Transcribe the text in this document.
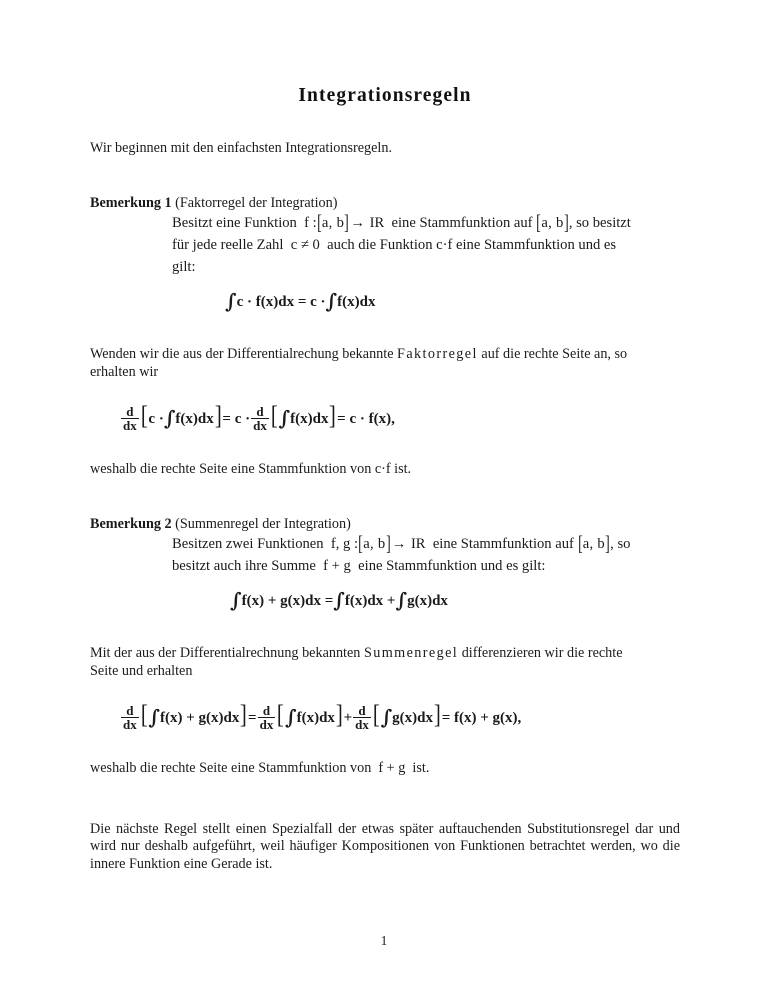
Integrationsregeln

Wir beginnen mit den einfachsten Integrationsregeln.

Bemerkung 1 (Faktorregel der Integration)

Besitzt eine Funktion f :[a, b]→ IR eine Stammfunktion auf [a, b], so besitzt
für jede reelle Zahl c ≠ 0 auch die Funktion c·f eine Stammfunktion und es
gilt:
∫c · f(x)dx = c ·∫f(x)dx

Wenden wir die aus der Differentialrechung bekannte Faktorregel auf die rechte Seite an, so
erhalten wir

$\frac{d}{dx} [c \cdot\int f(x)dx]= c \cdot \frac{d}{dx} [\int f(x)dx]= c \cdot f(x)$,

weshalb die rechte Seite eine Stammfunktion von c·f ist.

Bemerkung 2 (Summenregel der Integration)

Besitzen zwei Funktionen f, g :[a, b]→ IR eine Stammfunktion auf [a, b], so
besitzt auch ihre Summe f + g eine Stammfunktion und es gilt:
∫f(x) + g(x)dx =∫f(x)dx +∫g(x)dx

Mit der aus der Differentialrechnung bekannten Summenregel differenzieren wir die rechte
Seite und erhalten

$\frac{d}{dx} [\int f(x) + g(x)dx]= \frac{d}{dx} [\int f(x)dx]+ \frac{d}{dx} [\int g(x)dx]= f(x) + g(x)$,

weshalb die rechte Seite eine Stammfunktion von f + g ist.

Die nächste Regel stellt einen Spezialfall der etwas später auftauchenden Substitutionsregel dar und wird nur deshalb aufgeführt, weil häufiger Kompositionen von Funktionen betrachtet werden, wo die innere Funktion eine Gerade ist.

1
